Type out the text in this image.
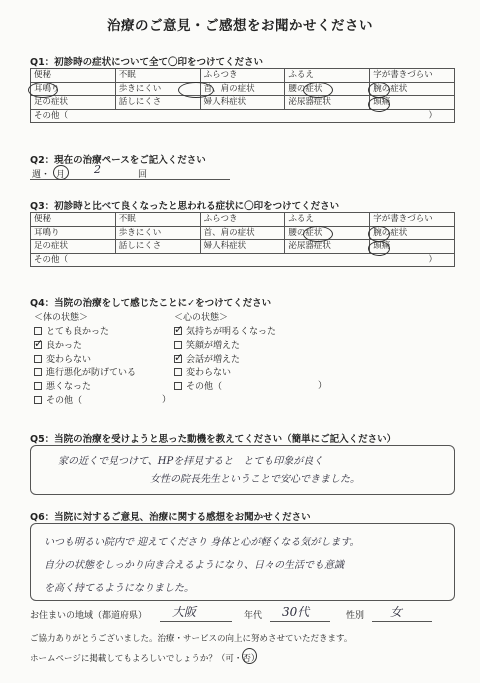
治療のご意見・ご感想をお聞かせください
Q1：初診時の症状について全て〇印をつけてください
便秘	不眠	ふらつき	ふるえ	字が書きづらい
耳鳴り	歩きにくい	首、肩の症状	腰の症状	腕の症状
足の症状	話しにくさ	婦人科症状	泌尿器症状	頭痛
その他（ ）				
Q2：現在の治療ペースをご記入ください
週・ 月	2	回
Q3：初診時と比べて良くなったと思われる症状に〇印をつけてください
便秘	不眠	ふらつき	ふるえ	字が書きづらい
耳鳴り	歩きにくい	首、肩の症状	腰の症状	腕の症状
足の症状	話しにくさ	婦人科症状	泌尿器症状	頭痛
その他（ ）				
Q4：当院の治療をして感じたことに✓をつけてください
＜体の状態＞
とても良かった
✓良かった
変わらない
進行悪化が防げている
悪くなった
その他（	）
＜心の状態＞
✓気持ちが明るくなった
笑顔が増えた
✓会話が増えた
変わらない
その他（	）
Q5：当院の治療を受けようと思った動機を教えてください（簡単にご記入ください）
家の近くで見つけて、HPを拝見すると　とても印象が良く
女性の院長先生ということで安心できました。
Q6：当院に対するご意見、治療に関する感想をお聞かせください
いつも明るい院内で 迎えてくださり 身体と心が軽くなる気がします。
自分の状態をしっかり向き合えるようになり、日々の生活でも意識
を高く持てるようになりました。
お住まいの地域（都道府県） 大阪	年代 30代	性別 女
ご協力ありがとうございました。治療・サービスの向上に努めさせていただきます。
ホームページに掲載してもよろしいでしょうか？（可・否）
